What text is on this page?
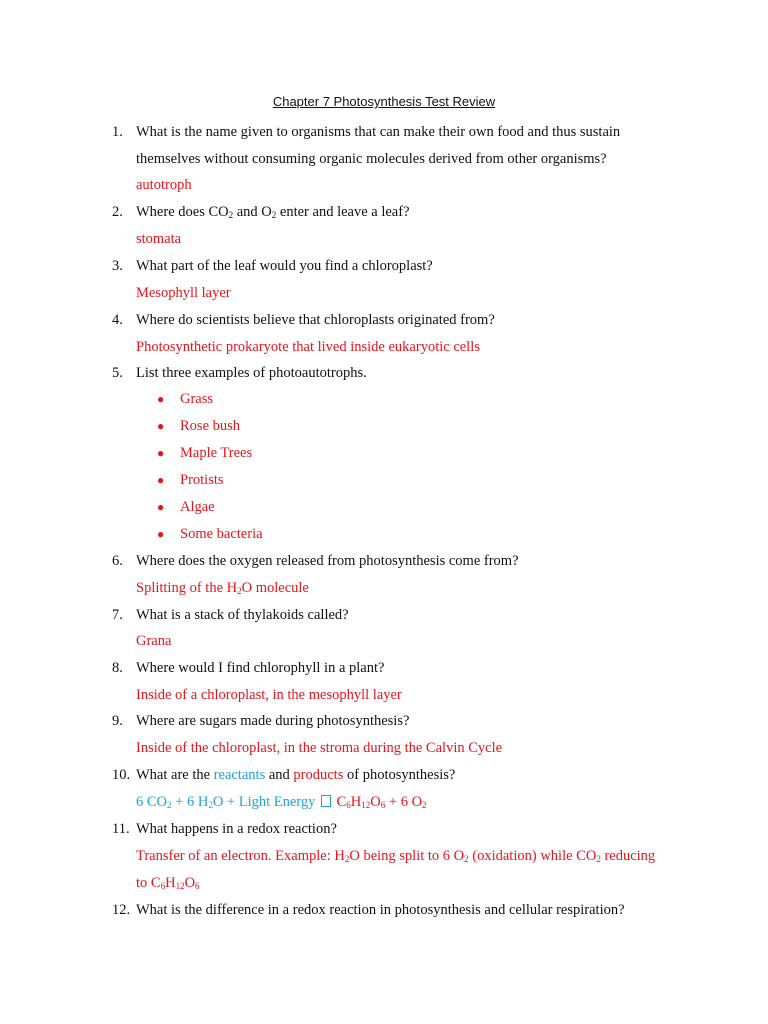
Chapter 7 Photosynthesis Test Review
1. What is the name given to organisms that can make their own food and thus sustain
themselves without consuming organic molecules derived from other organisms?
autotroph
2. Where does $CO_2$ and $O_2$ enter and leave a leaf?
stomata
3. What part of the leaf would you find a chloroplast?
Mesophyll layer
4. Where do scientists believe that chloroplasts originated from?
Photosynthetic prokaryote that lived inside eukaryotic cells
5. List three examples of photoautotrophs.
● Grass
● Rose bush
● Maple Trees
● Protists
● Algae
● Some bacteria
6. Where does the oxygen released from photosynthesis come from?
Splitting of the $H_2O$ molecule
7. What is a stack of thylakoids called?
Grana
8. Where would I find chlorophyll in a plant?
Inside of a chloroplast, in the mesophyll layer
9. Where are sugars made during photosynthesis?
Inside of the chloroplast, in the stroma during the Calvin Cycle
10. What are the reactants and products of photosynthesis?
6 $CO_2 + 6$ $H_2O$ + Light Energy  $C_6H_{12}O_6 + 6$ $O_2$
11. What happens in a redox reaction?
Transfer of an electron. Example: $H_2O$ being split to 6 $O_2$ (oxidation) while $CO_2$ reducing
to $C_6H_{12}O_6$
12. What is the difference in a redox reaction in photosynthesis and cellular respiration?
